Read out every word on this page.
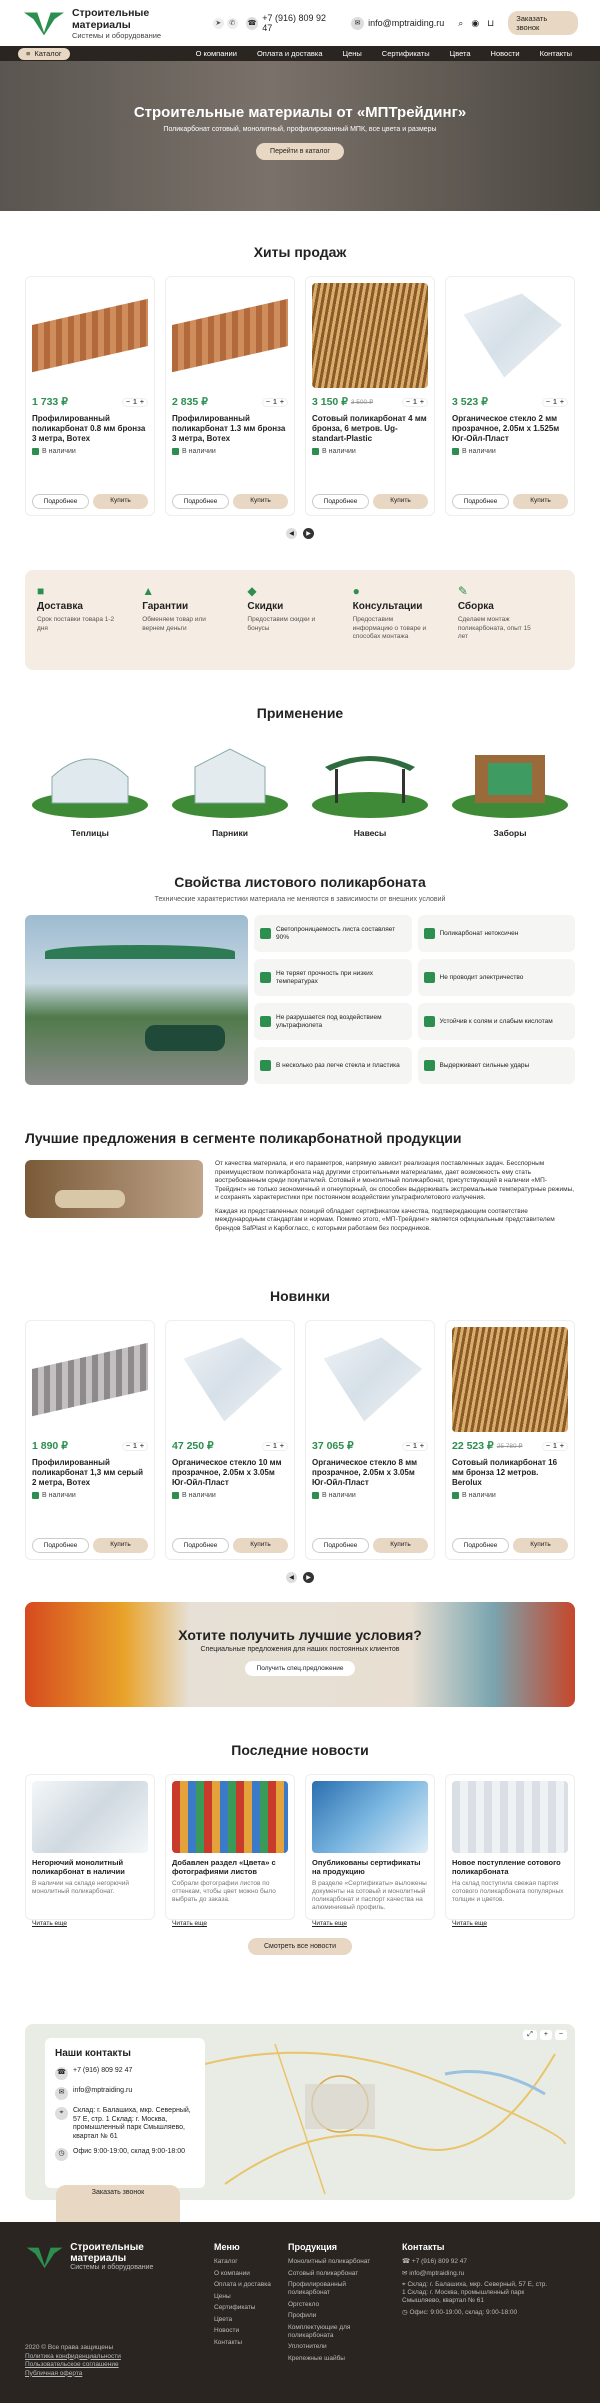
Строительные материалы
Системы и оборудование
➤	✆	☎
+7 (916) 809 92 47	✉ info@mptraiding.ru ⌕ ◉ ⊔	Заказать звонок
≡ Каталог	О компании	Оплата и доставка	Цены	Сертификаты	Цвета	Новости	Контакты
Строительные материалы от «МПТрейдинг»

Поликарбонат сотовый, монолитный, профилированный МПК, все цвета и размеры

Перейти в каталог
Хиты продаж
1 733 ₽	− 1 +
Профилированный поликарбонат 0.8 мм бронза 3 метра, Boтex
В наличии
Подробнее	Купить
2 835 ₽	− 1 +
Профилированный поликарбонат 1.3 мм бронза 3 метра, Boтex
В наличии
Подробнее	Купить
3 150 ₽ 3 500 ₽	− 1 +
Сотовый поликарбонат 4 мм бронза, 6 метров. Ug-standart-Plastic
В наличии
Подробнее	Купить
3 523 ₽	− 1 +
Органическое стекло 2 мм прозрачное, 2.05м х 1.525м Юг-Ойл-Пласт
В наличии
Подробнее	Купить
◀	▶
■
Доставка
Срок поставки товара 1-2 дня
▲
Гарантии
Обменяем товар или вернем деньги
◆
Скидки
Предоставим скидки и бонусы
●
Консультации
Предоставим информацию о товаре и способах монтажа
✎
Сборка
Сделаем монтаж поликарбоната, опыт 15 лет
Применение
Теплицы	Парники	Навесы	Заборы
Свойства листового поликарбоната
Технические характеристики материала не меняются в зависимости от внешних условий
Светопроницаемость листа составляет 90%
Поликарбонат нетоксичен
Не теряет прочность при низких температурах
Не проводит электричество
Не разрушается под воздействием ультрафиолета
Устойчив к солям и слабым кислотам
В несколько раз легче стекла и пластика	Выдерживает сильные удары
Лучшие предложения в сегменте поликарбонатной продукции

От качества материала, и его параметров, напрямую зависит реализация поставленных задач. Бесспорным преимуществом поликарбоната над другими строительными материалами, дает возможность ему стать востребованным среди покупателей. Сотовый и монолитный поликарбонат, присутствующий в наличии «МП-Трейдинг» не только экономичный и огнеупорный, он способен выдерживать экстремальные температурные режимы, и сохранять характеристики при постоянном воздействии ультрафиолетового излучения.

Каждая из представленных позиций обладает сертификатом качества, подтверждающим соответствие международным стандартам и нормам. Помимо этого, «МП-Трейдинг» является официальным представителем брендов SafPlast и Карбогласс, с которыми работаем без посредников.

Новинки
1 890 ₽	− 1 +
Профилированный поликарбонат 1,3 мм серый 2 метра, Boтex
В наличии
Подробнее	Купить
47 250 ₽	− 1 +
Органическое стекло 10 мм прозрачное, 2.05м х 3.05м Юг-Ойл-Пласт
В наличии
Подробнее	Купить
37 065 ₽	− 1 +
Органическое стекло 8 мм прозрачное, 2.05м х 3.05м Юг-Ойл-Пласт
В наличии
Подробнее	Купить
22 523 ₽ 25 780 ₽	− 1 +
Сотовый поликарбонат 16 мм бронза 12 метров. Berolux
В наличии
Подробнее	Купить
◀	▶
Хотите получить лучшие условия?

Специальные предложения для наших постоянных клиентов

Получить спец.предложение
Последние новости
Негорючий монолитный поликарбонат в наличии
В наличии на складе негорючий монолитный поликарбонат.
Читать еще
Добавлен раздел «Цвета» с фотографиями листов
Собрали фотографии листов по оттенкам, чтобы цвет можно было выбрать до заказа.
Читать еще
Опубликованы сертификаты на продукцию
В разделе «Сертификаты» выложены документы на сотовый и монолитный поликарбонат и паспорт качества на алюминиевый профиль.
Читать еще
Новое поступление сотового поликарбоната
На склад поступила свежая партия сотового поликарбоната популярных толщин и цветов.
Читать еще
Смотреть все новости
⤢	+	−
Наши контакты
☎	+7 (916) 809 92 47
✉	info@mptraiding.ru
⌖	Склад: г. Балашиха, мкр. Северный, 57 Е, стр. 1 Склад: г. Москва, промышленный парк Смышляево, квартал № 61
◷	Офис 9:00-19:00, склад 9:00-18:00
Заказать звонок
Строительные материалы
Системы и оборудование
Меню
Каталог
О компании
Оплата и доставка
Цены
Сертификаты
Цвета
Новости
Контакты
Продукция
Монолитный поликарбонат
Сотовый поликарбонат
Профилированный поликарбонат
Оргстекло
Профили
Комплектующие для поликарбоната
Уплотнители
Крепежные шайбы
Контакты
☎ +7 (916) 809 92 47
✉ info@mptraiding.ru
⌖ Склад: г. Балашиха, мкр. Северный, 57 Е, стр. 1 Склад: г. Москва, промышленный парк Смышляево, квартал № 61
◷ Офис: 9:00-19:00, склад: 9:00-18:00
2020 © Все права защищены
Политика конфиденциальности
Пользовательское соглашение
Публичная оферта
